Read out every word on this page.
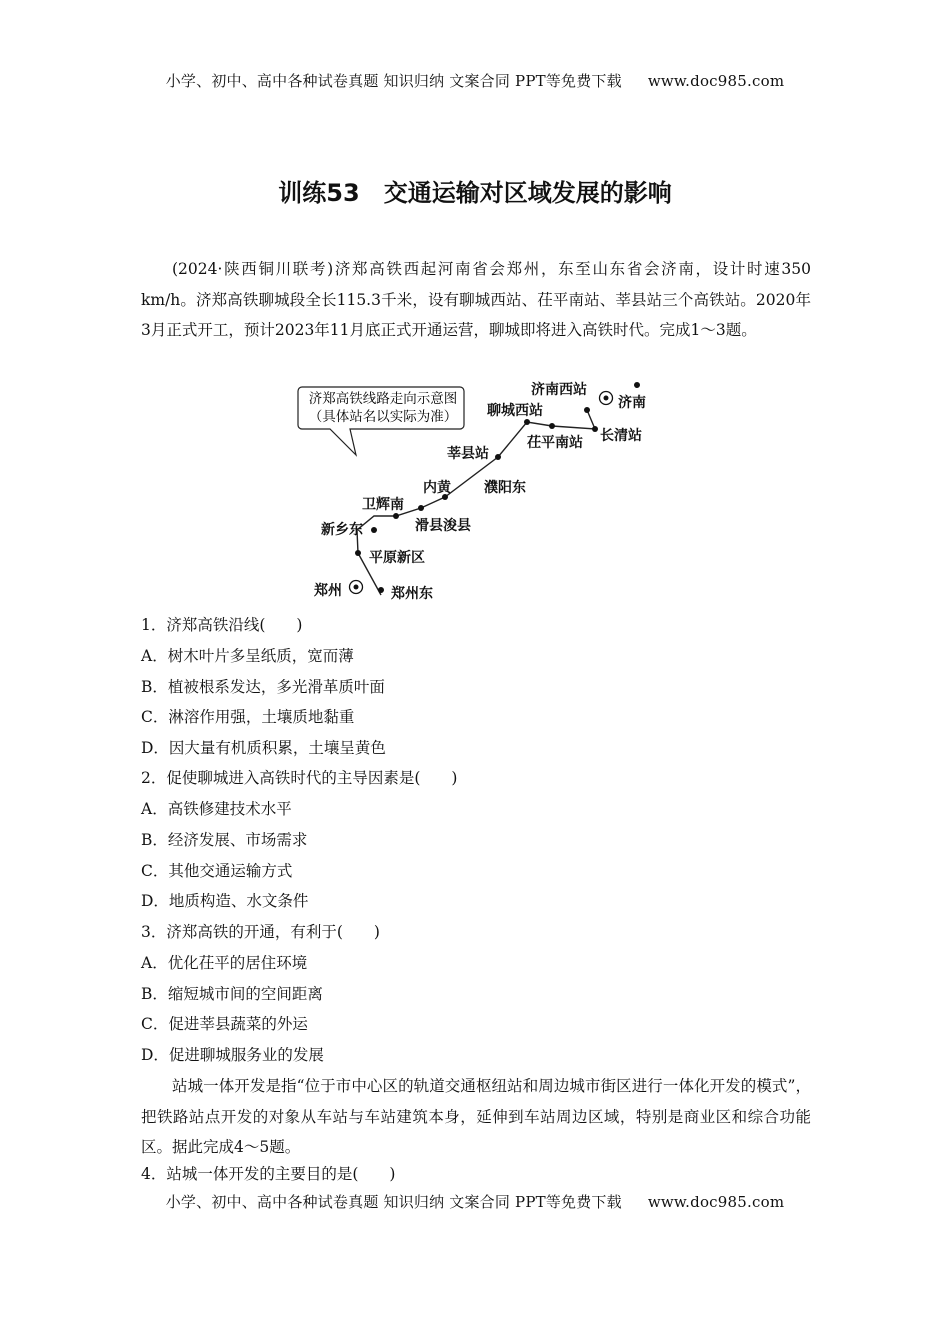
小学、初中、高中各种试卷真题 知识归纳 文案合同 PPT等免费下载 www.doc985.com
训练53　交通运输对区域发展的影响
(2024·陕西铜川联考)济郑高铁西起河南省会郑州，东至山东省会济南，设计时速350 km/h。济郑高铁聊城段全长115.3千米，设有聊城西站、茌平南站、莘县站三个高铁站。2020年3月正式开工，预计2023年11月底正式开通运营，聊城即将进入高铁时代。完成1～3题。
济郑高铁线路走向示意图
（具体站名以实际为准）
济南西站
长清站
茌平南站
聊城西站
莘县站
濮阳东
内黄
滑县浚县
卫辉南
新乡东
平原新区
郑州东
济南
郑州
1．济郑高铁沿线(　　)
A．树木叶片多呈纸质，宽而薄
B．植被根系发达，多光滑革质叶面
C．淋溶作用强，土壤质地黏重
D．因大量有机质积累，土壤呈黄色
2．促使聊城进入高铁时代的主导因素是(　　)
A．高铁修建技术水平
B．经济发展、市场需求
C．其他交通运输方式
D．地质构造、水文条件
3．济郑高铁的开通，有利于(　　)
A．优化茌平的居住环境
B．缩短城市间的空间距离
C．促进莘县蔬菜的外运
D．促进聊城服务业的发展
站城一体开发是指“位于市中心区的轨道交通枢纽站和周边城市街区进行一体化开发的模式”，把铁路站点开发的对象从车站与车站建筑本身，延伸到车站周边区域，特别是商业区和综合功能区。据此完成4～5题。
4．站城一体开发的主要目的是(　　)
小学、初中、高中各种试卷真题 知识归纳 文案合同 PPT等免费下载 www.doc985.com
